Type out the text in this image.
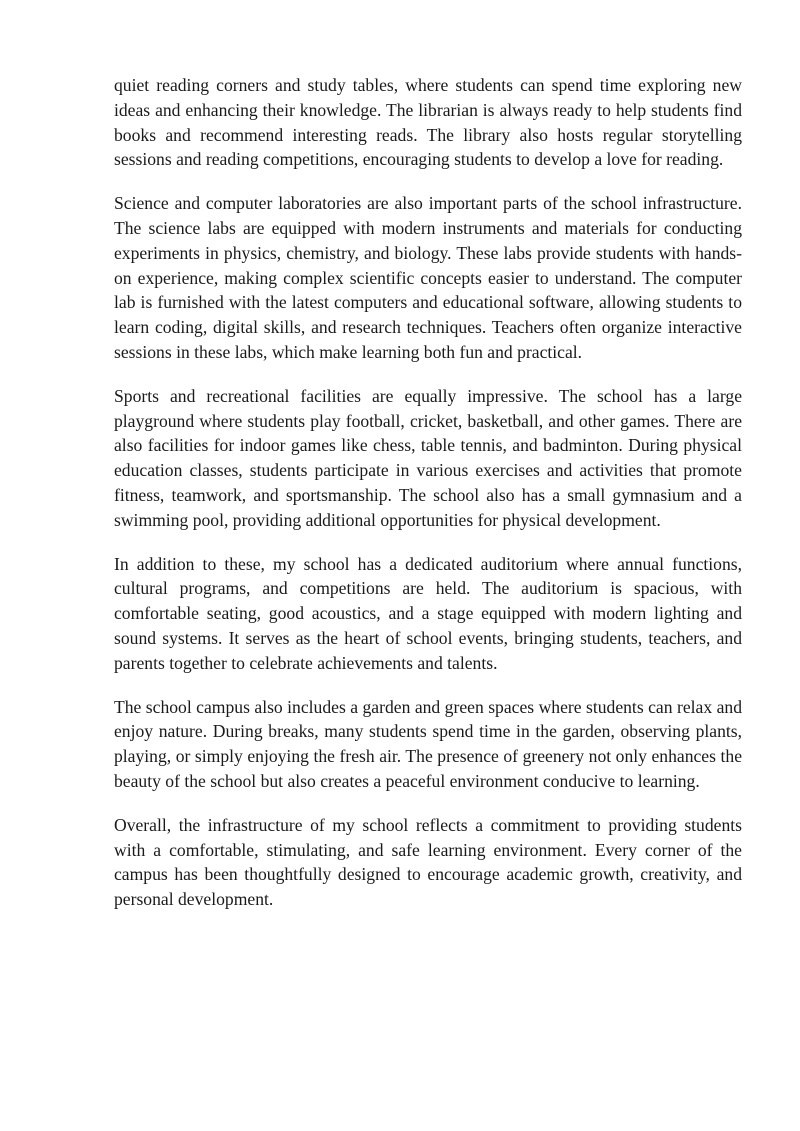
quiet reading corners and study tables, where students can spend time exploring new ideas and enhancing their knowledge. The librarian is always ready to help students find books and recommend interesting reads. The library also hosts regular storytelling sessions and reading competitions, encouraging students to develop a love for reading.

Science and computer laboratories are also important parts of the school infrastructure. The science labs are equipped with modern instruments and materials for conducting experiments in physics, chemistry, and biology. These labs provide students with hands-on experience, making complex scientific concepts easier to understand. The computer lab is furnished with the latest computers and educational software, allowing students to learn coding, digital skills, and research techniques. Teachers often organize interactive sessions in these labs, which make learning both fun and practical.

Sports and recreational facilities are equally impressive. The school has a large playground where students play football, cricket, basketball, and other games. There are also facilities for indoor games like chess, table tennis, and badminton. During physical education classes, students participate in various exercises and activities that promote fitness, teamwork, and sportsmanship. The school also has a small gymnasium and a swimming pool, providing additional opportunities for physical development.

In addition to these, my school has a dedicated auditorium where annual functions, cultural programs, and competitions are held. The auditorium is spacious, with comfortable seating, good acoustics, and a stage equipped with modern lighting and sound systems. It serves as the heart of school events, bringing students, teachers, and parents together to celebrate achievements and talents.

The school campus also includes a garden and green spaces where students can relax and enjoy nature. During breaks, many students spend time in the garden, observing plants, playing, or simply enjoying the fresh air. The presence of greenery not only enhances the beauty of the school but also creates a peaceful environment conducive to learning.

Overall, the infrastructure of my school reflects a commitment to providing students with a comfortable, stimulating, and safe learning environment. Every corner of the campus has been thoughtfully designed to encourage academic growth, creativity, and personal development.
